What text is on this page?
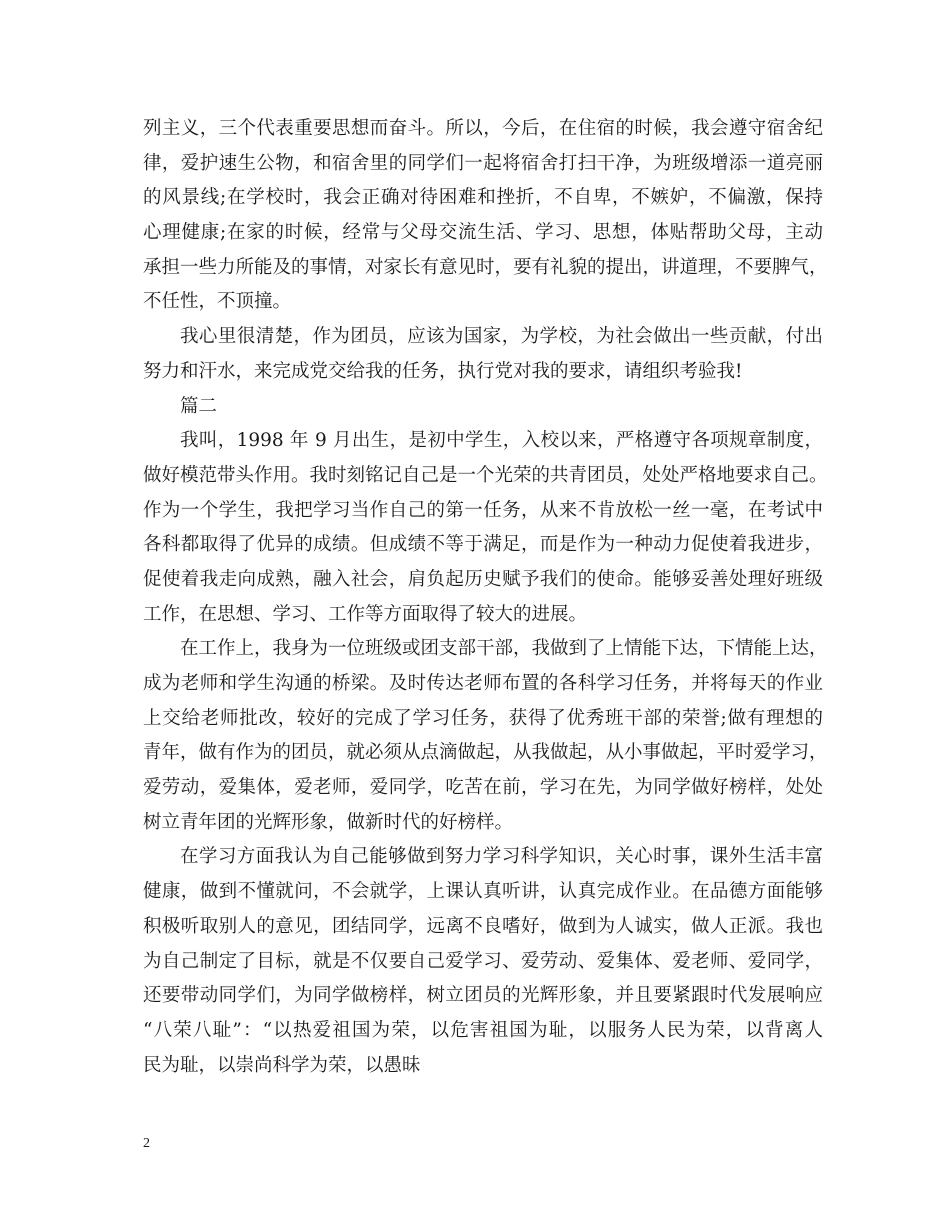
列主义，三个代表重要思想而奋斗。所以，今后，在住宿的时候，我会遵守宿舍纪
律，爱护速生公物，和宿舍里的同学们一起将宿舍打扫干净，为班级增添一道亮丽
的风景线;在学校时，我会正确对待困难和挫折，不自卑，不嫉妒，不偏激，保持
心理健康;在家的时候，经常与父母交流生活、学习、思想，体贴帮助父母，主动
承担一些力所能及的事情，对家长有意见时，要有礼貌的提出，讲道理，不要脾气，
不任性，不顶撞。
我心里很清楚，作为团员，应该为国家，为学校，为社会做出一些贡献，付出
努力和汗水，来完成党交给我的任务，执行党对我的要求，请组织考验我!
篇二
我叫，1998 年 9 月出生，是初中学生，入校以来，严格遵守各项规章制度，
做好模范带头作用。我时刻铭记自己是一个光荣的共青团员，处处严格地要求自己。
作为一个学生，我把学习当作自己的第一任务，从来不肯放松一丝一毫，在考试中
各科都取得了优异的成绩。但成绩不等于满足，而是作为一种动力促使着我进步，
促使着我走向成熟，融入社会，肩负起历史赋予我们的使命。能够妥善处理好班级
工作，在思想、学习、工作等方面取得了较大的进展。
在工作上，我身为一位班级或团支部干部，我做到了上情能下达，下情能上达，
成为老师和学生沟通的桥梁。及时传达老师布置的各科学习任务，并将每天的作业
上交给老师批改，较好的完成了学习任务，获得了优秀班干部的荣誉;做有理想的
青年，做有作为的团员，就必须从点滴做起，从我做起，从小事做起，平时爱学习，
爱劳动，爱集体，爱老师，爱同学，吃苦在前，学习在先，为同学做好榜样，处处
树立青年团的光辉形象，做新时代的好榜样。
在学习方面我认为自己能够做到努力学习科学知识，关心时事，课外生活丰富
健康，做到不懂就问，不会就学，上课认真听讲，认真完成作业。在品德方面能够
积极听取别人的意见，团结同学，远离不良嗜好，做到为人诚实，做人正派。我也
为自己制定了目标，就是不仅要自己爱学习、爱劳动、爱集体、爱老师、爱同学，
还要带动同学们，为同学做榜样，树立团员的光辉形象，并且要紧跟时代发展响应
“八荣八耻”：“以热爱祖国为荣，以危害祖国为耻，以服务人民为荣，以背离人
民为耻，以崇尚科学为荣，以愚昧
2
